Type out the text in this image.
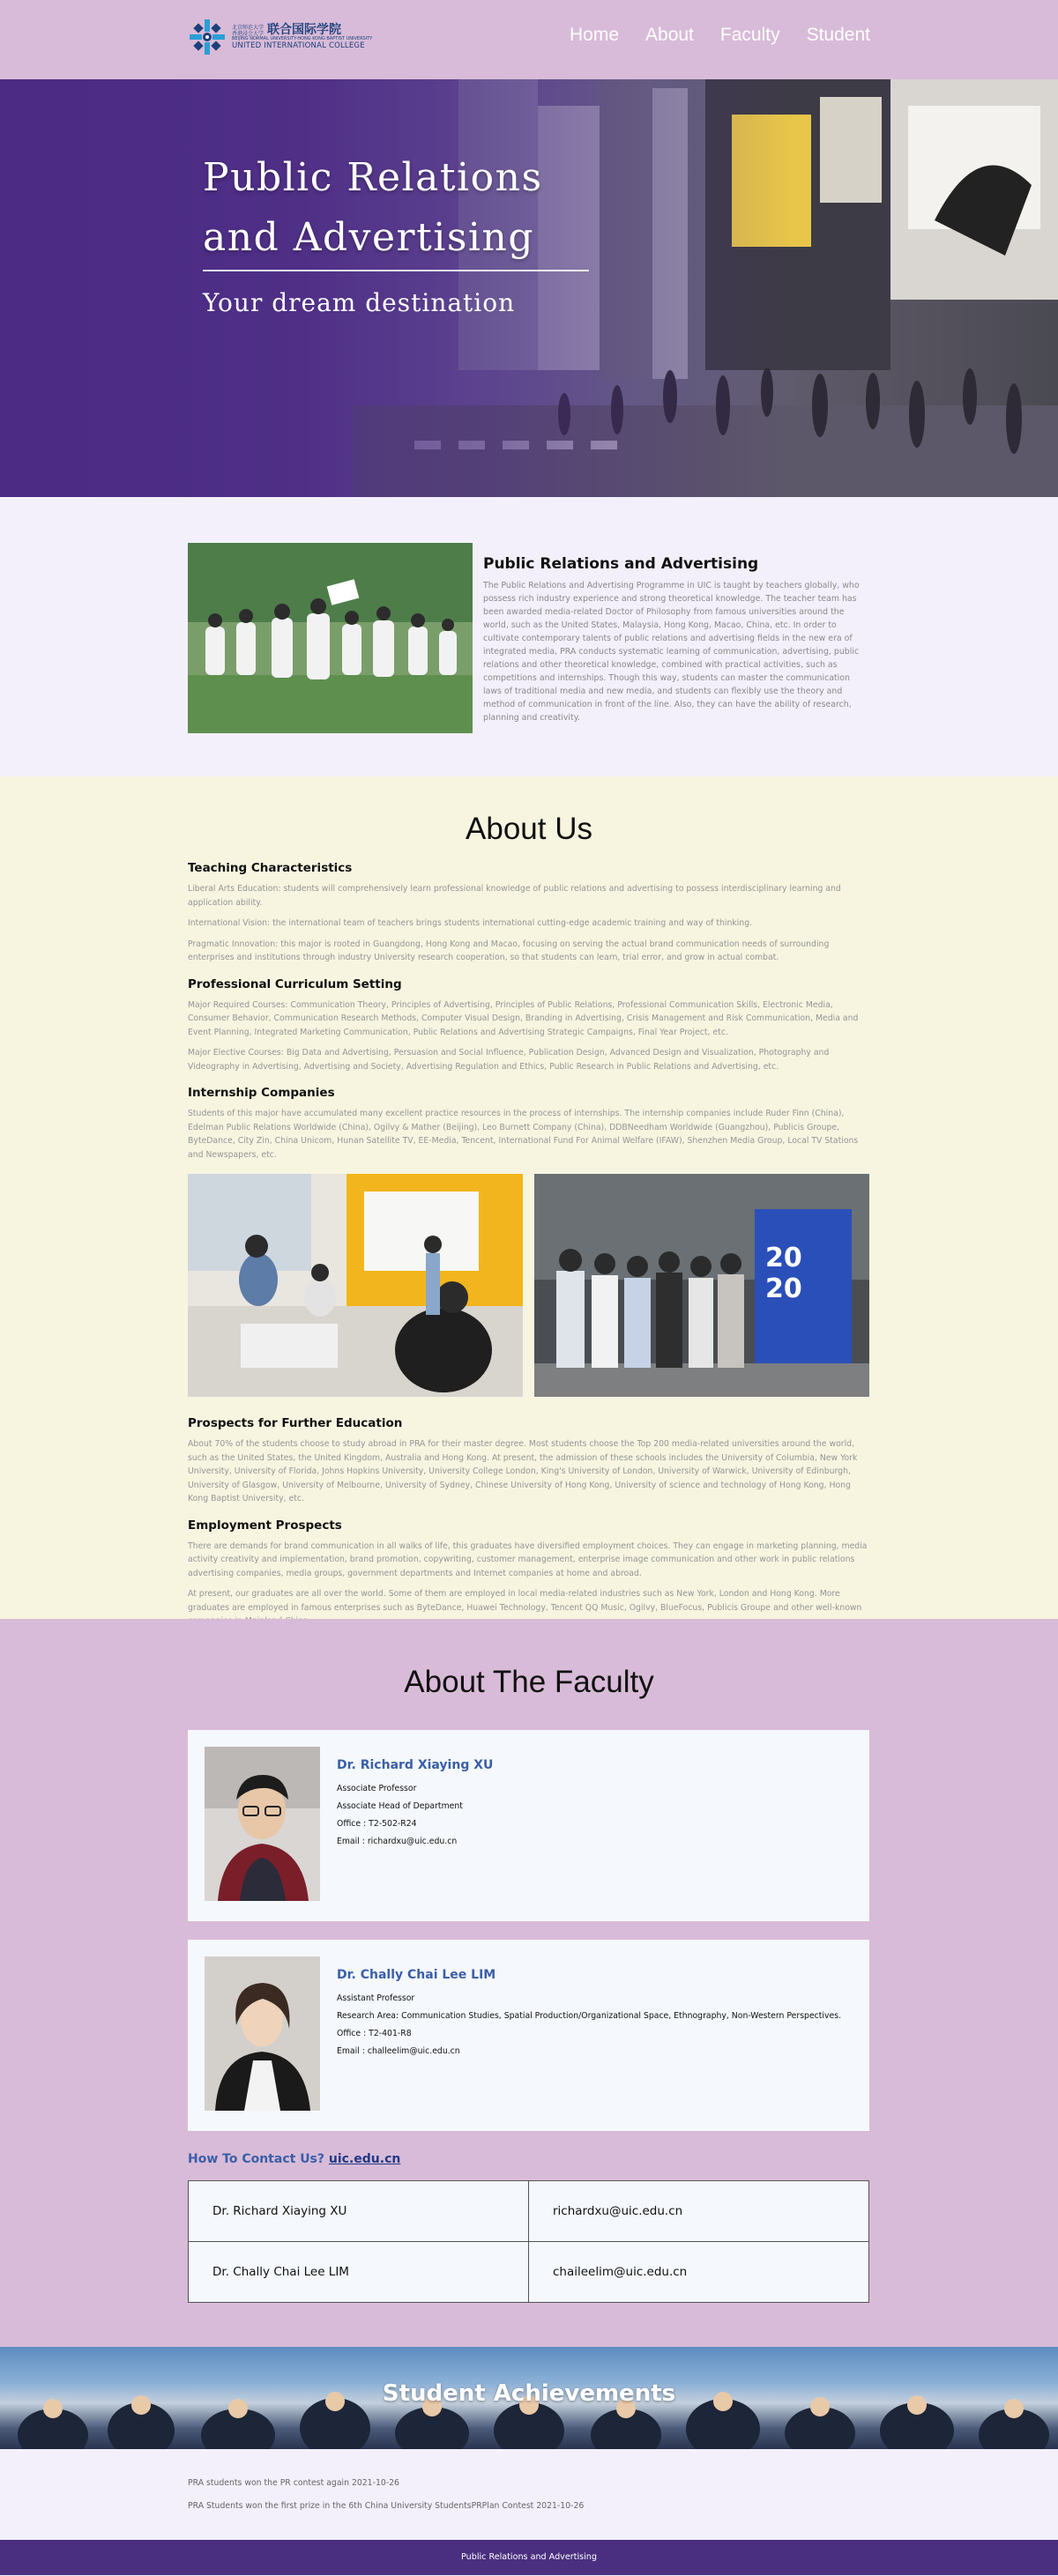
北京师范大学
香港浸会大学 联合国际学院
BEIJING NORMAL UNIVERSITY-HONG KONG BAPTIST UNIVERSITY
UNITED INTERNATIONAL COLLEGE
Home About Faculty Student
Public Relations
and Advertising
Your dream destination
Public Relations and Advertising
The Public Relations and Advertising Programme in UIC is taught by teachers globally, who possess rich industry experience and strong theoretical knowledge. The teacher team has been awarded media-related Doctor of Philosophy from famous universities around the world, such as the United States, Malaysia, Hong Kong, Macao, China, etc. In order to cultivate contemporary talents of public relations and advertising fields in the new era of integrated media, PRA conducts systematic learning of communication, advertising, public relations and other theoretical knowledge, combined with practical activities, such as competitions and internships. Though this way, students can master the communication laws of traditional media and new media, and students can flexibly use the theory and method of communication in front of the line. Also, they can have the ability of research, planning and creativity.
About Us
Teaching Characteristics

Liberal Arts Education: students will comprehensively learn professional knowledge of public relations and advertising to possess interdisciplinary learning and application ability.

International Vision: the international team of teachers brings students international cutting-edge academic training and way of thinking.

Pragmatic Innovation: this major is rooted in Guangdong, Hong Kong and Macao, focusing on serving the actual brand communication needs of surrounding enterprises and institutions through industry University research cooperation, so that students can learn, trial error, and grow in actual combat.

Professional Curriculum Setting

Major Required Courses: Communication Theory, Principles of Advertising, Principles of Public Relations, Professional Communication Skills, Electronic Media, Consumer Behavior, Communication Research Methods, Computer Visual Design, Branding in Advertising, Crisis Management and Risk Communication, Media and Event Planning, Integrated Marketing Communication, Public Relations and Advertising Strategic Campaigns, Final Year Project, etc.

Major Elective Courses: Big Data and Advertising, Persuasion and Social Influence, Publication Design, Advanced Design and Visualization, Photography and Videography in Advertising, Advertising and Society, Advertising Regulation and Ethics, Public Research in Public Relations and Advertising, etc.

Internship Companies

Students of this major have accumulated many excellent practice resources in the process of internships. The internship companies include Ruder Finn (China), Edelman Public Relations Worldwide (China), Ogilvy & Mather (Beijing), Leo Burnett Company (China), DDBNeedham Worldwide (Guangzhou), Publicis Groupe, ByteDance, City Zin, China Unicom, Hunan Satellite TV, EE-Media, Tencent, International Fund For Animal Welfare (IFAW), Shenzhen Media Group, Local TV Stations and Newspapers, etc.

20
20
Prospects for Further Education

About 70% of the students choose to study abroad in PRA for their master degree. Most students choose the Top 200 media-related universities around the world, such as the United States, the United Kingdom, Australia and Hong Kong. At present, the admission of these schools includes the University of Columbia, New York University, University of Florida, Johns Hopkins University, University College London, King's University of London, University of Warwick, University of Edinburgh, University of Glasgow, University of Melbourne, University of Sydney, Chinese University of Hong Kong, University of science and technology of Hong Kong, Hong Kong Baptist University, etc.

Employment Prospects

There are demands for brand communication in all walks of life, this graduates have diversified employment choices. They can engage in marketing planning, media activity creativity and implementation, brand promotion, copywriting, customer management, enterprise image communication and other work in public relations advertising companies, media groups, government departments and Internet companies at home and abroad.

At present, our graduates are all over the world. Some of them are employed in local media-related industries such as New York, London and Hong Kong. More graduates are employed in famous enterprises such as ByteDance, Huawei Technology, Tencent QQ Music, Ogilvy, BlueFocus, Publicis Groupe and other well-known

About The Faculty
Dr. Richard Xiaying XU
Associate Professor
Associate Head of Department
Office : T2-502-R24
Email : richardxu@uic.edu.cn
Dr. Chally Chai Lee LIM
Assistant Professor
Research Area: Communication Studies, Spatial Production/Organizational Space, Ethnography, Non-Western Perspectives.
Office : T2-401-R8
Email : challeelim@uic.edu.cn
How To Contact Us? uic.edu.cn
Dr. Richard Xiaying XU	richardxu@uic.edu.cn
Dr. Chally Chai Lee LIM	chaileelim@uic.edu.cn
Student Achievements
PRA students won the PR contest again 2021-10-26
PRA Students won the first prize in the 6th China University StudentsPRPlan Contest 2021-10-26
Public Relations and Advertising
